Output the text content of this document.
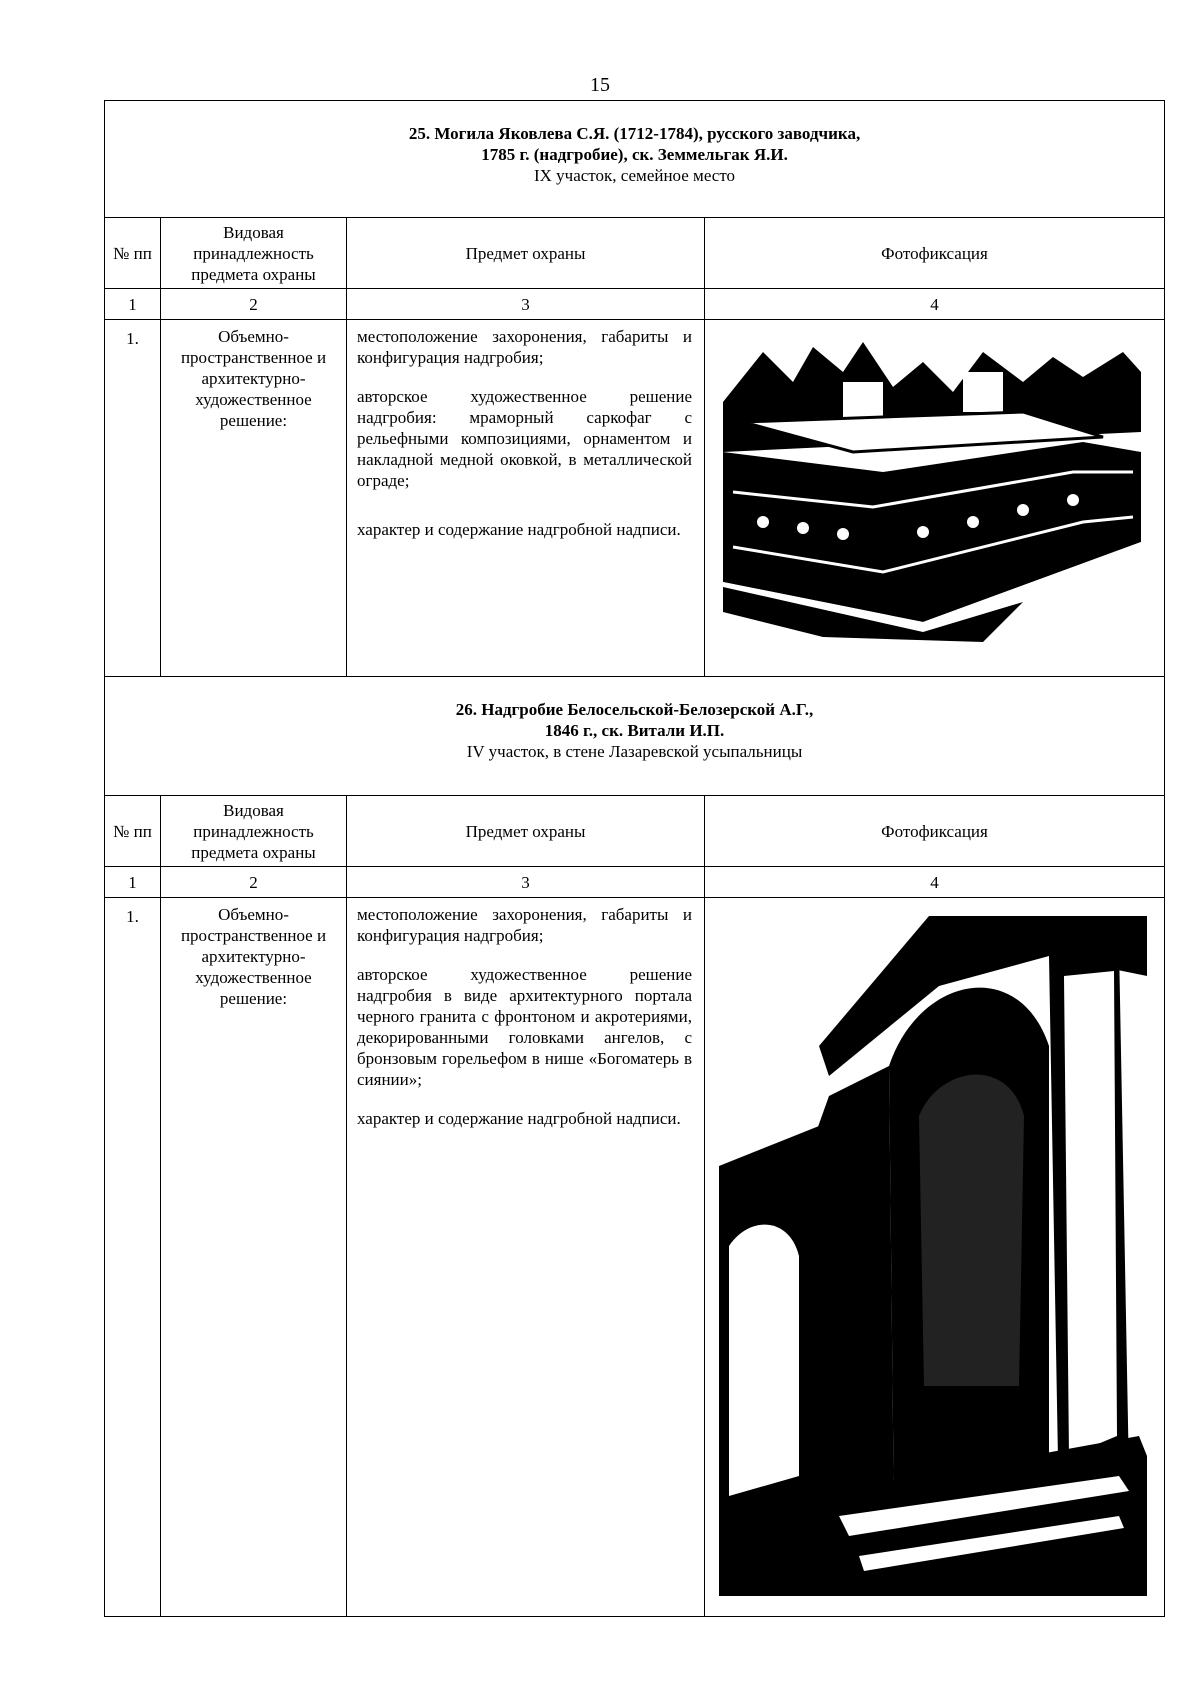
15
25. Могила Яковлева С.Я. (1712-1784), русского заводчика,
1785 г. (надгробие), ск. Земмельгак Я.И.
IX участок, семейное место			

№ пп	Видовая принадлежность предмета охраны	Предмет охраны	Фотофиксация
1	2	3	4
1.	Объемно-пространственное и архитектурно-художественное решение:	местоположение захоронения, габариты и конфигурация надгробия;

авторское художественное решение надгробия: мраморный саркофаг с рельефными композициями, орнаментом и накладной медной оковкой, в металлической ограде;

характер и содержание надгробной надписи.

26. Надгробие Белосельской-Белозерской А.Г.,
1846 г., ск. Витали И.П.
IV участок, в стене Лазаревской усыпальницы			

№ пп	Видовая принадлежность предмета охраны	Предмет охраны	Фотофиксация
1	2	3	4
1.	Объемно-пространственное и архитектурно-художественное решение:	местоположение захоронения, габариты и конфигурация надгробия;

авторское художественное решение надгробия в виде архитектурного портала черного гранита с фронтоном и акротериями, декорированными головками ангелов, с бронзовым горельефом в нише «Богоматерь в сиянии»;

характер и содержание надгробной надписи.
